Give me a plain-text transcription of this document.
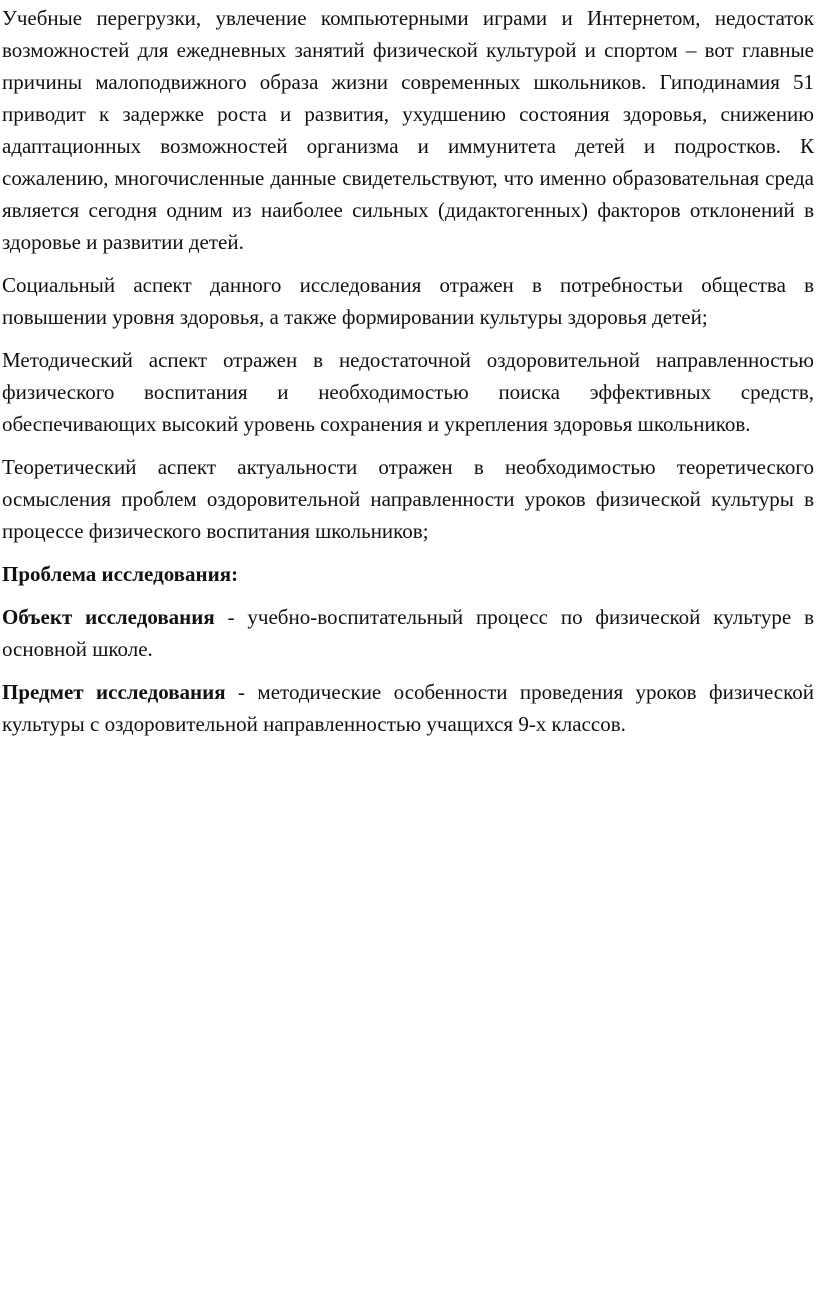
Учебные перегрузки, увлечение компьютерными играми и Интернетом, недостаток возможностей для ежедневных занятий физической культурой и спортом – вот главные причины малоподвижного образа жизни современных школьников. Гиподинамия 51 приводит к задержке роста и развития, ухудшению состояния здоровья, снижению адаптационных возможностей организма и иммунитета детей и подростков. К сожалению, многочисленные данные свидетельствуют, что именно образовательная среда является сегодня одним из наиболее сильных (дидактогенных) факторов отклонений в здоровье и развитии детей.

Социальный аспект данного исследования отражен в потребностьи общества в повышении уровня здоровья, а также формировании культуры здоровья детей;

Методический аспект отражен в недостаточной оздоровительной направленностью физического воспитания и необходимостью поиска эффективных средств, обеспечивающих высокий уровень сохранения и укрепления здоровья школьников.

Теоретический аспект актуальности отражен в необходимостью теоретического осмысления проблем оздоровительной направленности уроков физической культуры в процессе физического воспитания школьников;

Проблема исследования:

Объект исследования - учебно-воспитательный процесс по физической культуре в основной школе.

Предмет исследования - методические особенности проведения уроков физической культуры с оздоровительной направленностью учащихся 9-х классов.
